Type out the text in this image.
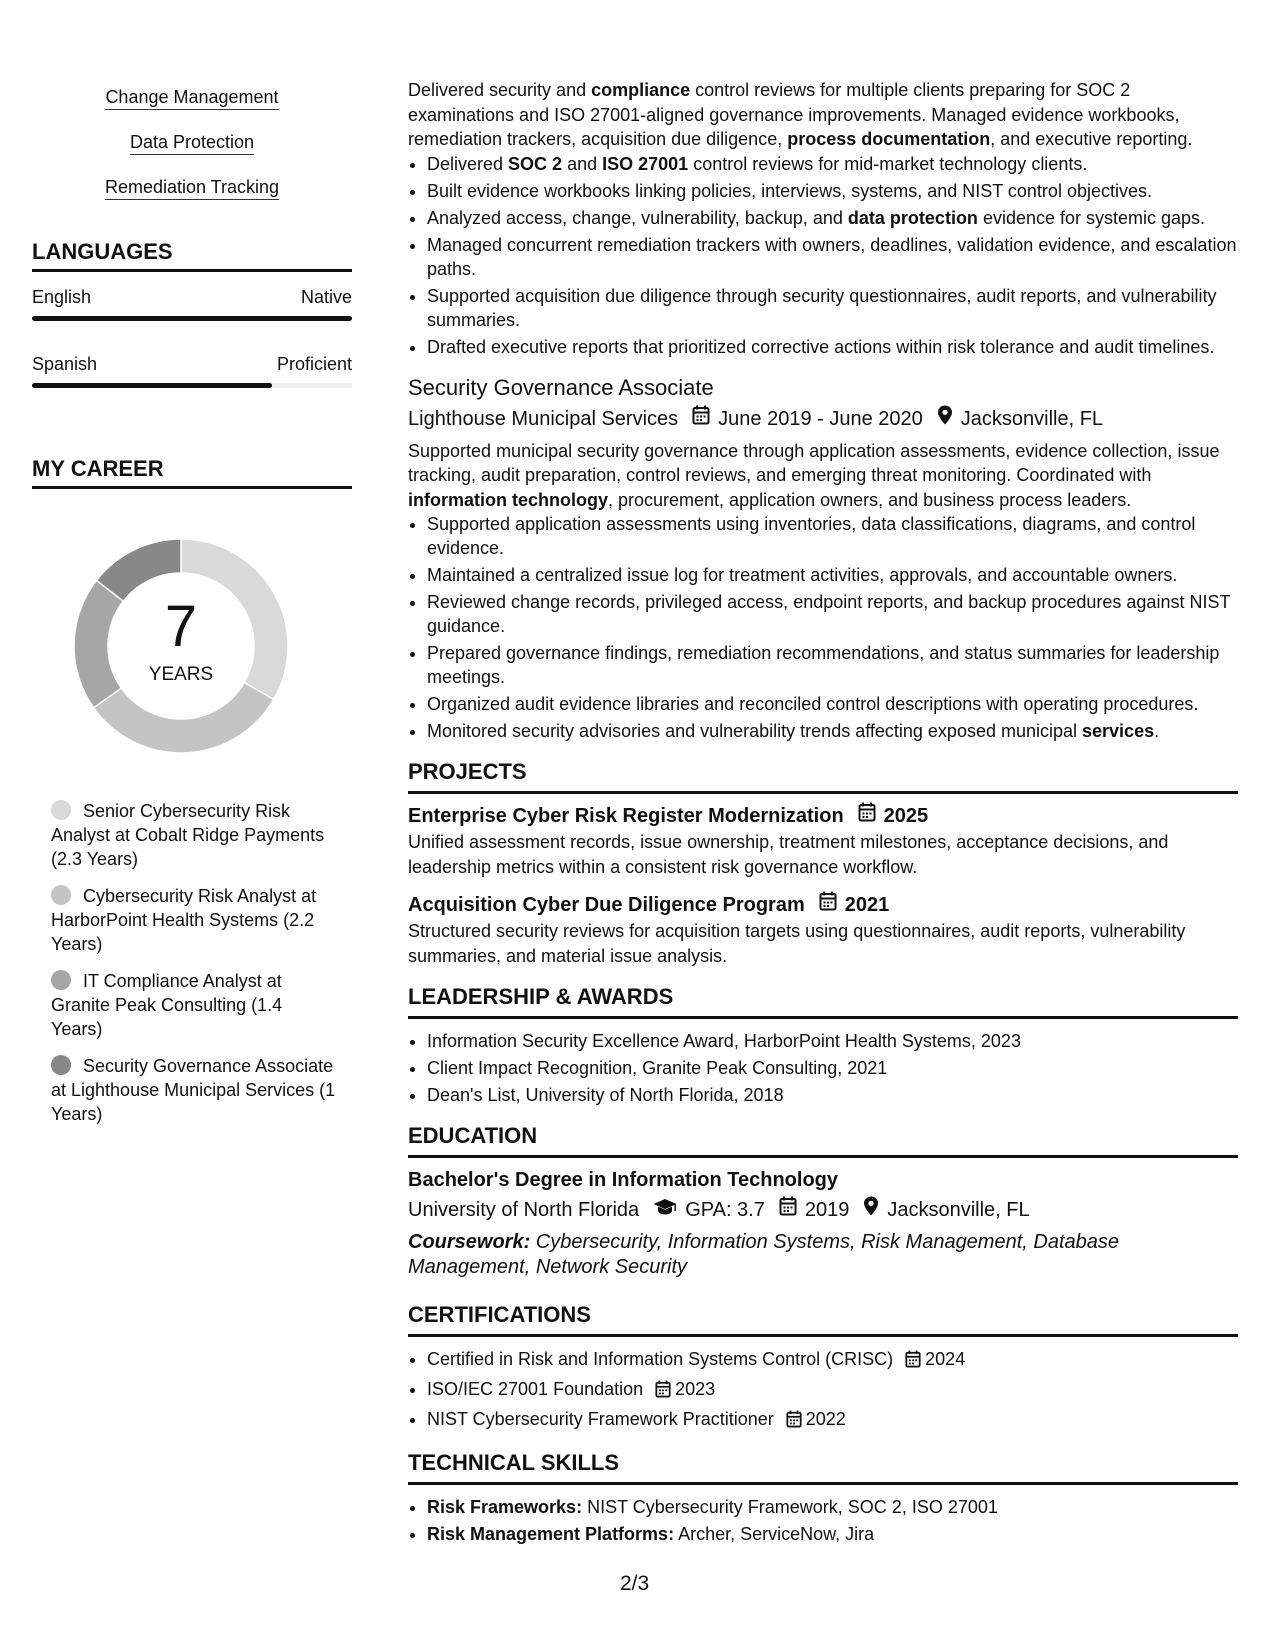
Change Management
Data Protection
Remediation Tracking
LANGUAGES
English	Native
Spanish	Proficient
MY CAREER
7
YEARS
Senior Cybersecurity Risk Analyst at Cobalt Ridge Payments (2.3 Years)
Cybersecurity Risk Analyst at HarborPoint Health Systems (2.2 Years)
IT Compliance Analyst at Granite Peak Consulting (1.4 Years)
Security Governance Associate at Lighthouse Municipal Services (1 Years)

Delivered security and compliance control reviews for multiple clients preparing for SOC 2 examinations and ISO 27001-aligned governance improvements. Managed evidence workbooks, remediation trackers, acquisition due diligence, process documentation, and executive reporting.

• Delivered SOC 2 and ISO 27001 control reviews for mid-market technology clients.
• Built evidence workbooks linking policies, interviews, systems, and NIST control objectives.
• Analyzed access, change, vulnerability, backup, and data protection evidence for systemic gaps.
• Managed concurrent remediation trackers with owners, deadlines, validation evidence, and escalation paths.
• Supported acquisition due diligence through security questionnaires, audit reports, and vulnerability summaries.
• Drafted executive reports that prioritized corrective actions within risk tolerance and audit timelines.
Security Governance Associate
Lighthouse Municipal Services June 2019 - June 2020 Jacksonville, FL

Supported municipal security governance through application assessments, evidence collection, issue tracking, audit preparation, control reviews, and emerging threat monitoring. Coordinated with information technology, procurement, application owners, and business process leaders.

• Supported application assessments using inventories, data classifications, diagrams, and control evidence.
• Maintained a centralized issue log for treatment activities, approvals, and accountable owners.
• Reviewed change records, privileged access, endpoint reports, and backup procedures against NIST guidance.
• Prepared governance findings, remediation recommendations, and status summaries for leadership meetings.
• Organized audit evidence libraries and reconciled control descriptions with operating procedures.
• Monitored security advisories and vulnerability trends affecting exposed municipal services.
PROJECTS
Enterprise Cyber Risk Register Modernization 2025

Unified assessment records, issue ownership, treatment milestones, acceptance decisions, and leadership metrics within a consistent risk governance workflow.

Acquisition Cyber Due Diligence Program 2021

Structured security reviews for acquisition targets using questionnaires, audit reports, vulnerability summaries, and material issue analysis.

LEADERSHIP & AWARDS
• Information Security Excellence Award, HarborPoint Health Systems, 2023
• Client Impact Recognition, Granite Peak Consulting, 2021
• Dean's List, University of North Florida, 2018
EDUCATION
Bachelor's Degree in Information Technology
University of North Florida GPA: 3.7 2019 Jacksonville, FL
Coursework: Cybersecurity, Information Systems, Risk Management, Database Management, Network Security
CERTIFICATIONS
• Certified in Risk and Information Systems Control (CRISC) 2024
• ISO/IEC 27001 Foundation 2023
• NIST Cybersecurity Framework Practitioner 2022
TECHNICAL SKILLS
• Risk Frameworks: NIST Cybersecurity Framework, SOC 2, ISO 27001
• Risk Management Platforms: Archer, ServiceNow, Jira
2/3
